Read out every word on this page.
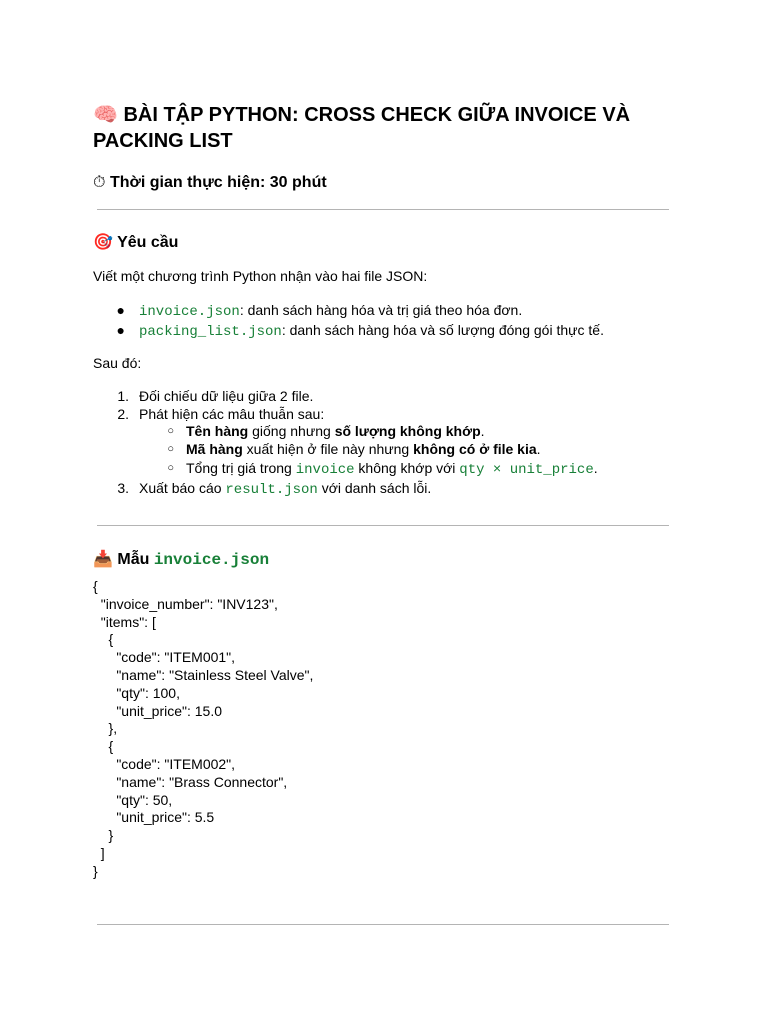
🧠 BÀI TẬP PYTHON: CROSS CHECK GIỮA INVOICE VÀ PACKING LIST

⏱ Thời gian thực hiện: 30 phút

🎯 Yêu cầu

Viết một chương trình Python nhận vào hai file JSON:

● invoice.json: danh sách hàng hóa và trị giá theo hóa đơn.
● packing_list.json: danh sách hàng hóa và số lượng đóng gói thực tế.

Sau đó:

1. Đối chiếu dữ liệu giữa 2 file.
2. Phát hiện các mâu thuẫn sau:
○ Tên hàng giống nhưng số lượng không khớp.
○ Mã hàng xuất hiện ở file này nhưng không có ở file kia.
○ Tổng trị giá trong invoice không khớp với qty × unit_price.
3. Xuất báo cáo result.json với danh sách lỗi.
📥 Mẫu invoice.json
{
"invoice_number": "INV123",
"items": [
{
"code": "ITEM001",
"name": "Stainless Steel Valve",
"qty": 100,
"unit_price": 15.0
},
{
"code": "ITEM002",
"name": "Brass Connector",
"qty": 50,
"unit_price": 5.5
}
]
}
